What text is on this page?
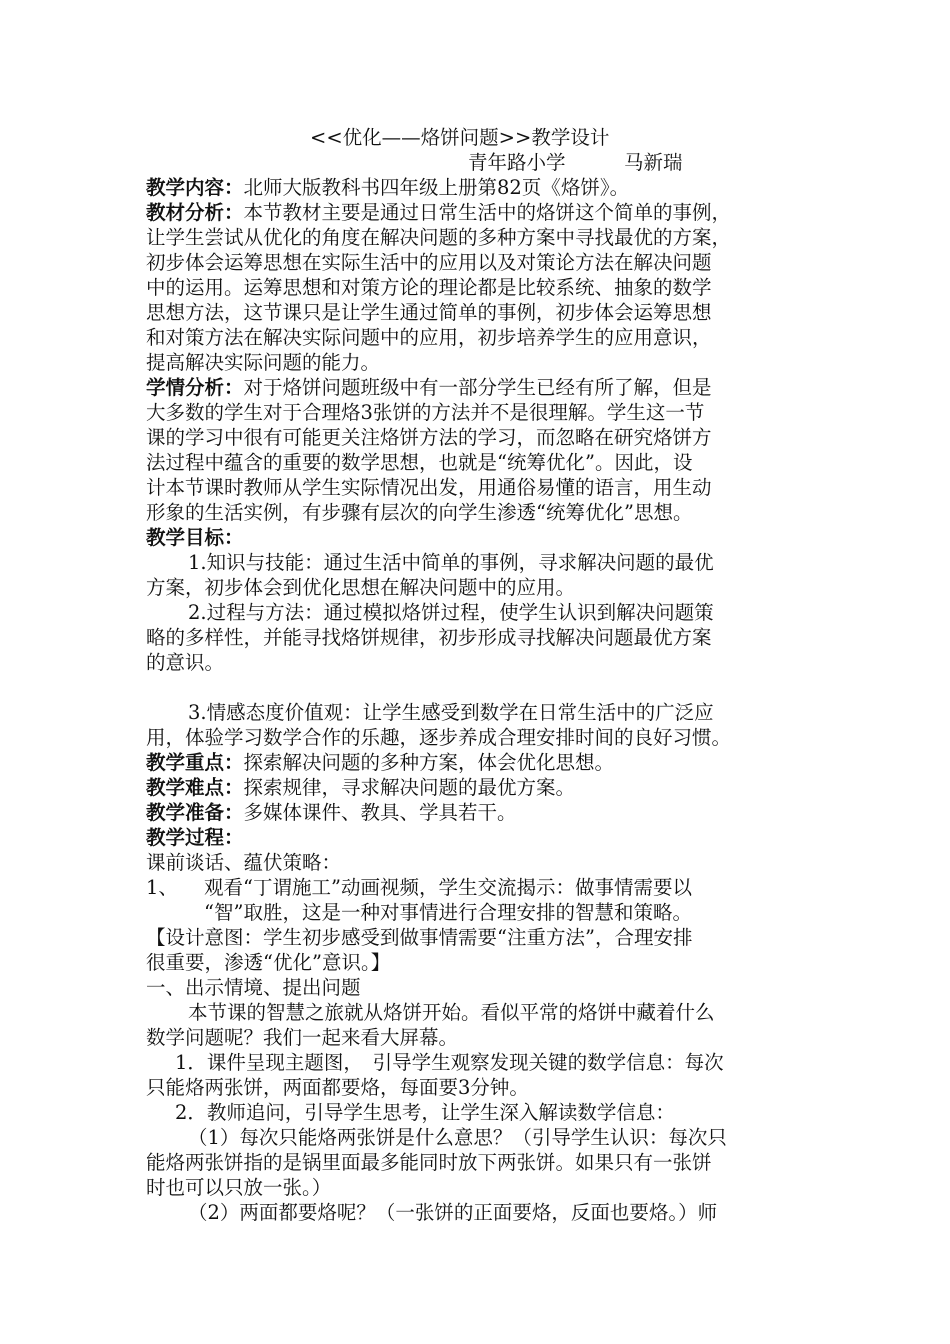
<<优化——烙饼问题>>教学设计
青年路小学　　　马新瑞
教学内容：北师大版教科书四年级上册第82页《烙饼》。
教材分析：本节教材主要是通过日常生活中的烙饼这个简单的事例，
让学生尝试从优化的角度在解决问题的多种方案中寻找最优的方案，
初步体会运筹思想在实际生活中的应用以及对策论方法在解决问题
中的运用。运筹思想和对策方论的理论都是比较系统、抽象的数学
思想方法，这节课只是让学生通过简单的事例，初步体会运筹思想
和对策方法在解决实际问题中的应用，初步培养学生的应用意识，
提高解决实际问题的能力。
学情分析：对于烙饼问题班级中有一部分学生已经有所了解，但是
大多数的学生对于合理烙3张饼的方法并不是很理解。学生这一节
课的学习中很有可能更关注烙饼方法的学习，而忽略在研究烙饼方
法过程中蕴含的重要的数学思想，也就是“统筹优化”。因此，设
计本节课时教师从学生实际情况出发，用通俗易懂的语言，用生动
形象的生活实例，有步骤有层次的向学生渗透“统筹优化”思想。
教学目标：
1.知识与技能：通过生活中简单的事例，寻求解决问题的最优
方案，初步体会到优化思想在解决问题中的应用。
2.过程与方法：通过模拟烙饼过程，使学生认识到解决问题策
略的多样性，并能寻找烙饼规律，初步形成寻找解决问题最优方案
的意识。
3.情感态度价值观：让学生感受到数学在日常生活中的广泛应
用，体验学习数学合作的乐趣，逐步养成合理安排时间的良好习惯。
教学重点：探索解决问题的多种方案，体会优化思想。
教学难点：探索规律，寻求解决问题的最优方案。
教学准备：多媒体课件、教具、学具若干。
教学过程：
课前谈话、蕴伏策略：
1、 观看“丁谓施工”动画视频，学生交流揭示：做事情需要以
“智”取胜，这是一种对事情进行合理安排的智慧和策略。
【设计意图：学生初步感受到做事情需要“注重方法”，合理安排
很重要，渗透“优化”意识。】
一、出示情境、提出问题
本节课的智慧之旅就从烙饼开始。看似平常的烙饼中藏着什么
数学问题呢？我们一起来看大屏幕。
1．课件呈现主题图，　引导学生观察发现关键的数学信息：每次
只能烙两张饼，两面都要烙，每面要3分钟。
2．教师追问，引导学生思考，让学生深入解读数学信息：
（1）每次只能烙两张饼是什么意思？（引导学生认识：每次只
能烙两张饼指的是锅里面最多能同时放下两张饼。如果只有一张饼
时也可以只放一张。）
（2）两面都要烙呢？（一张饼的正面要烙，反面也要烙。）师
